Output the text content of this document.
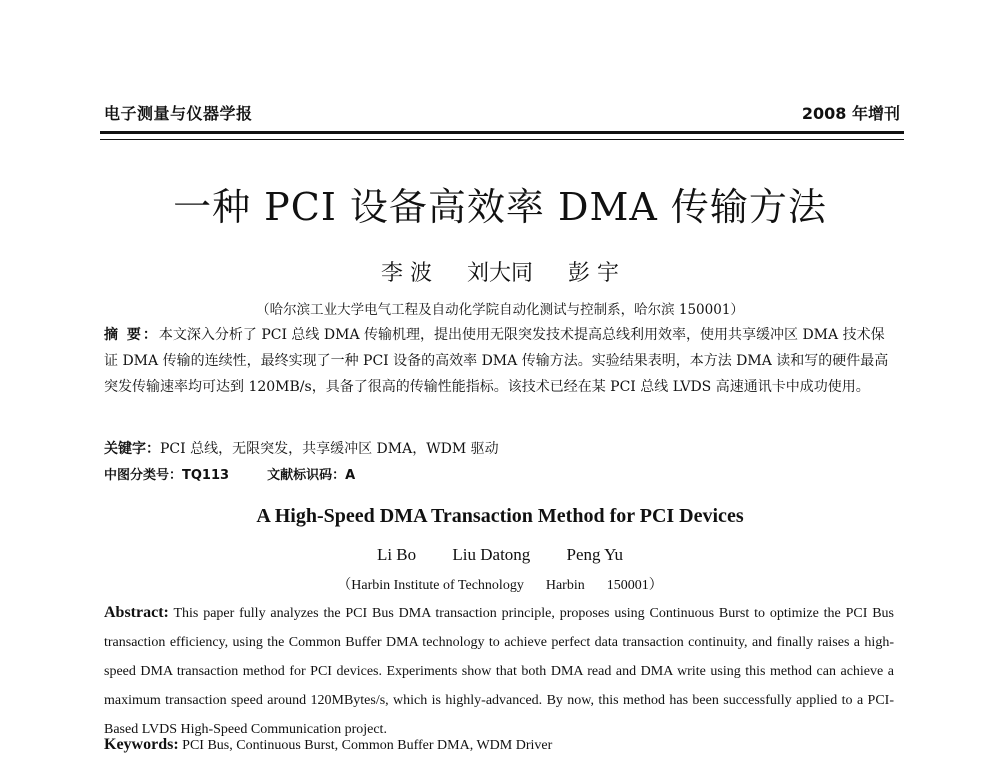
电子测量与仪器学报	2008 年增刊
一种 PCI 设备高效率 DMA 传输方法
李 波 刘大同 彭 宇
（哈尔滨工业大学电气工程及自动化学院自动化测试与控制系，哈尔滨 150001）
摘 要：本文深入分析了 PCI 总线 DMA 传输机理，提出使用无限突发技术提高总线利用效率，使用共享缓冲区 DMA 技术保证 DMA 传输的连续性，最终实现了一种 PCI 设备的高效率 DMA 传输方法。实验结果表明，本方法 DMA 读和写的硬件最高突发传输速率均可达到 120MB/s，具备了很高的传输性能指标。该技术已经在某 PCI 总线 LVDS 高速通讯卡中成功使用。
关键字：PCI 总线，无限突发，共享缓冲区 DMA，WDM 驱动
中图分类号：TQ113	文献标识码：A
A High-Speed DMA Transaction Method for PCI Devices
Li Bo Liu Datong Peng Yu
（Harbin Institute of Technology Harbin 150001）
Abstract: This paper fully analyzes the PCI Bus DMA transaction principle, proposes using Continuous Burst to optimize the PCI Bus transaction efficiency, using the Common Buffer DMA technology to achieve perfect data transaction continuity, and finally raises a high-speed DMA transaction method for PCI devices. Experiments show that both DMA read and DMA write using this method can achieve a maximum transaction speed around 120MBytes/s, which is highly-advanced. By now, this method has been successfully applied to a PCI-Based LVDS High-Speed Communication project.
Keywords: PCI Bus, Continuous Burst, Common Buffer DMA, WDM Driver
